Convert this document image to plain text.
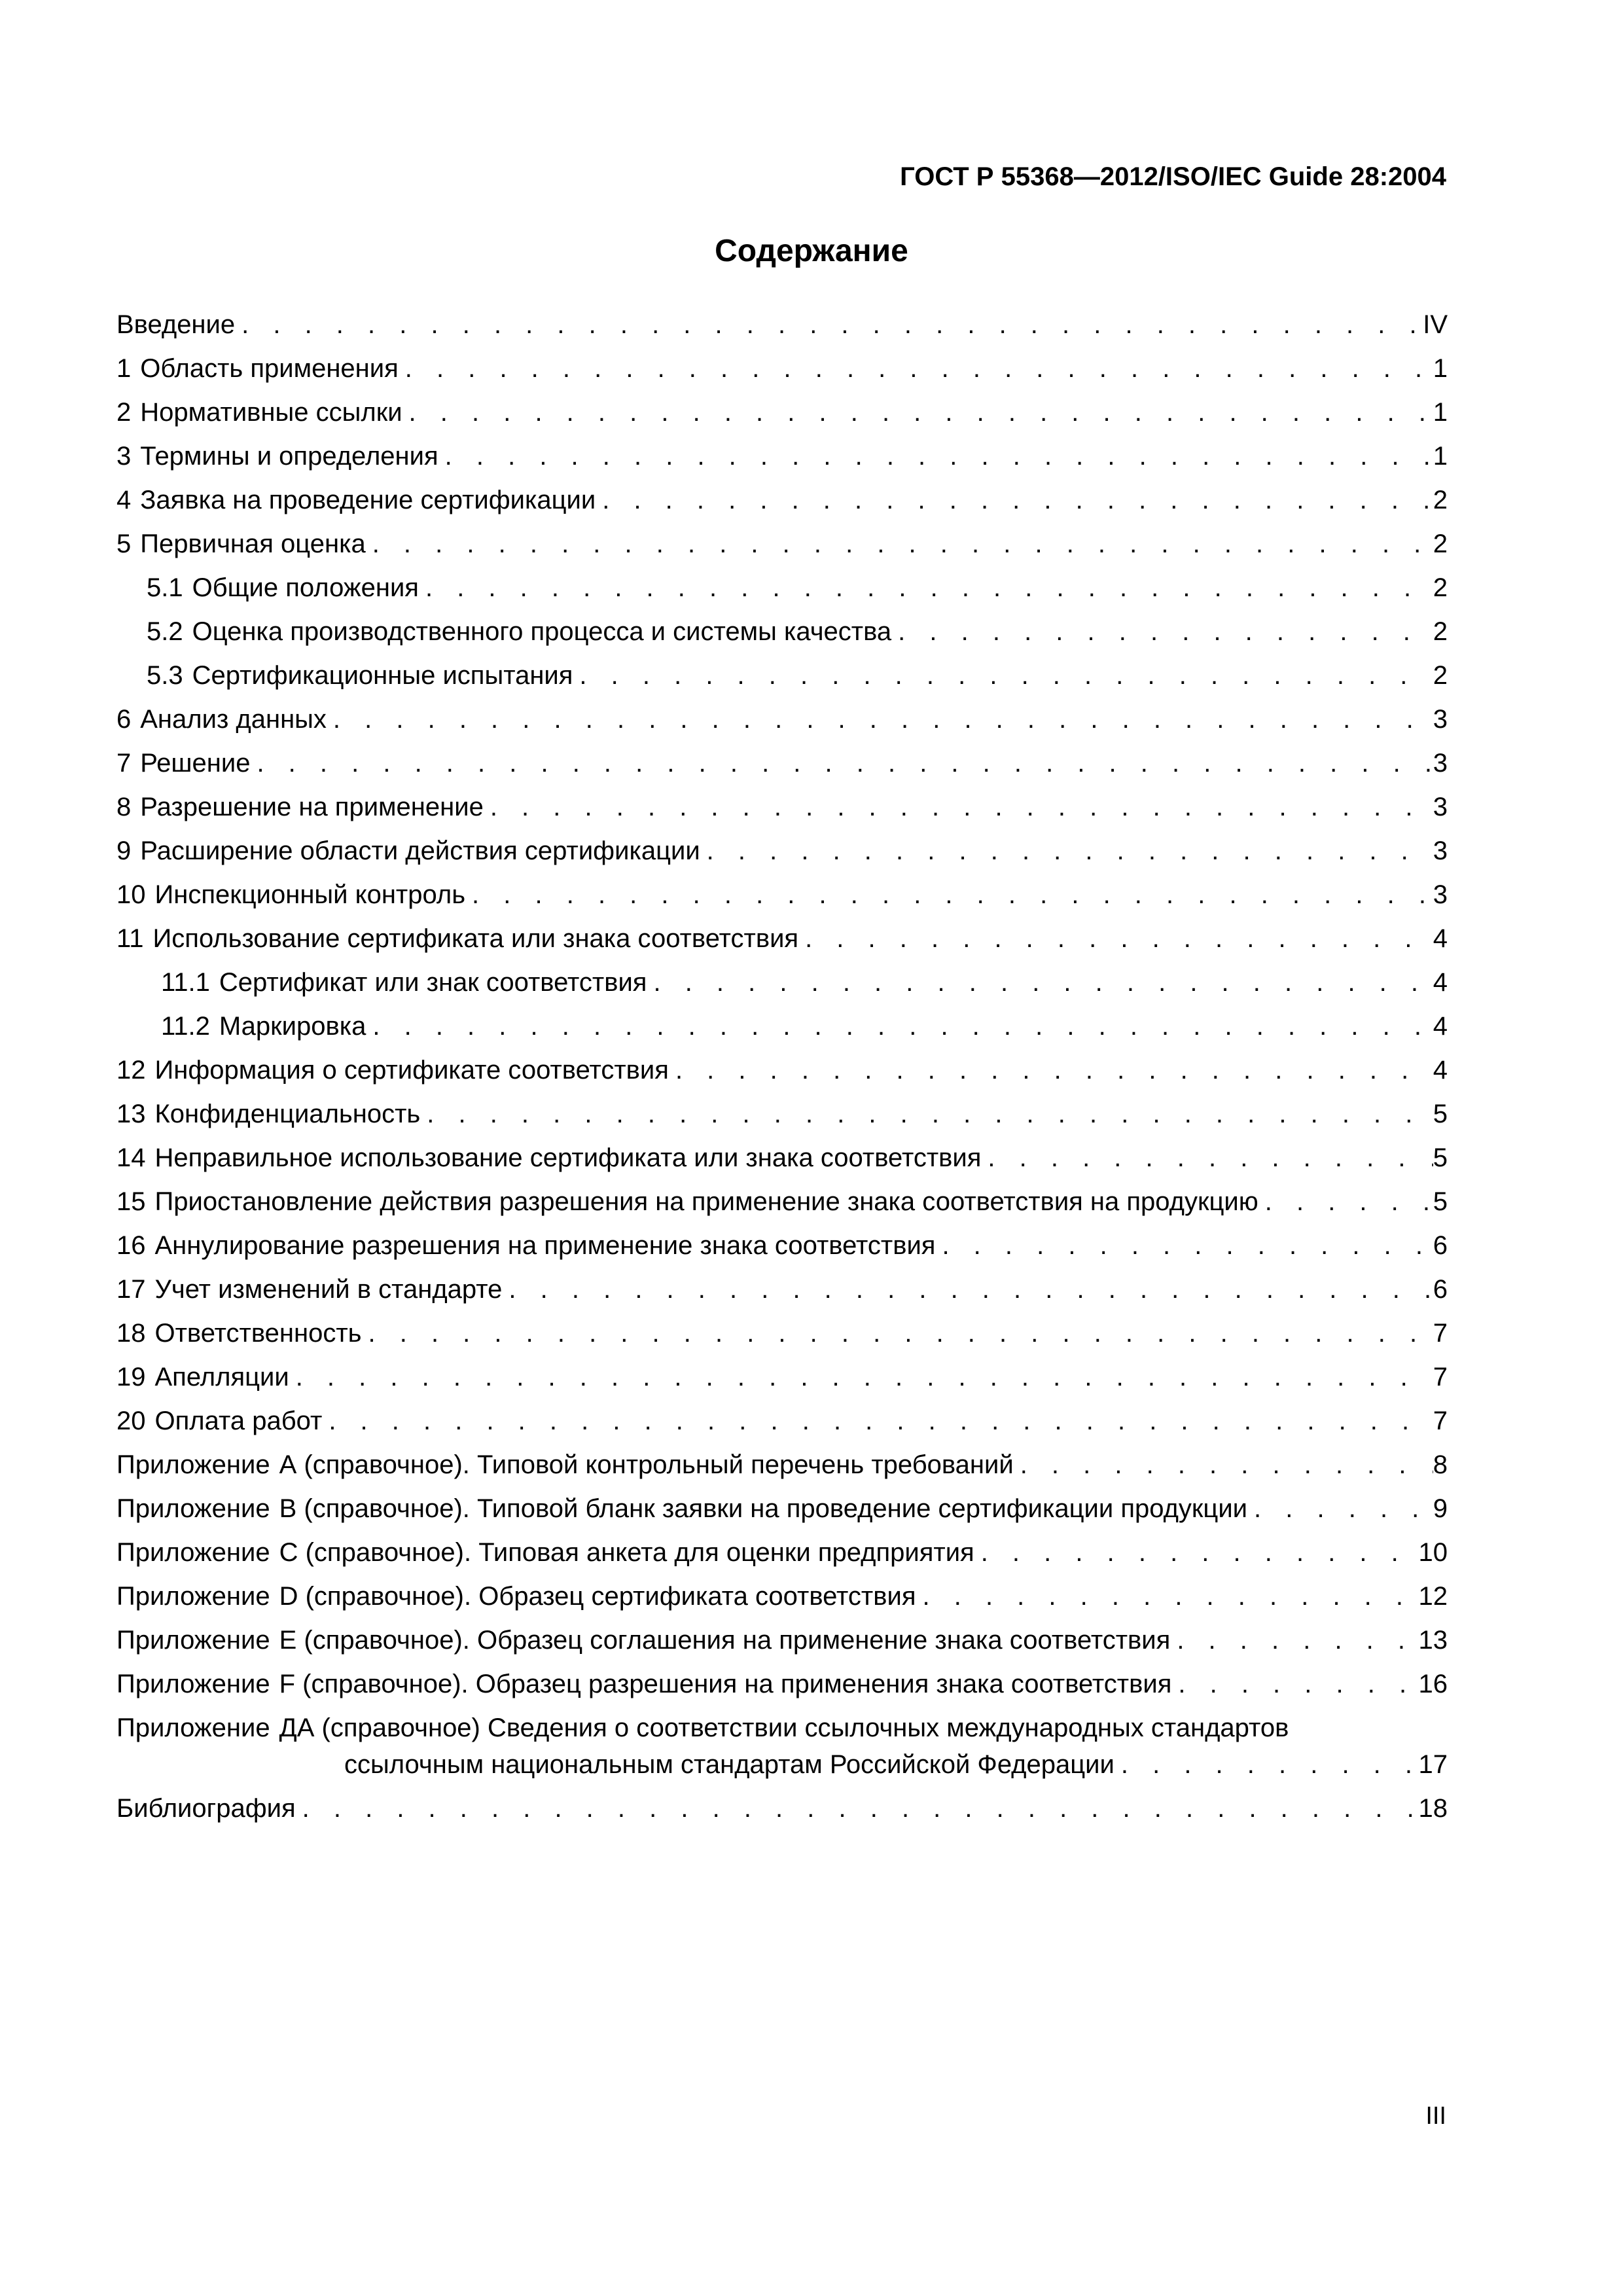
ГОСТ Р 55368—2012/ISO/IEC Guide 28:2004
Содержание
Введение . . .	IV
1 Область применения . . .	1
2 Нормативные ссылки . . .	1
3 Термины и определения . . .	1
4 Заявка на проведение сертификации . . .	2
5 Первичная оценка . . .	2
5.1 Общие положения . . .	2
5.2 Оценка производственного процесса и системы качества . . .	2
5.3 Сертификационные испытания . . .	2
6 Анализ данных . . .	3
7 Решение . . .	3
8 Разрешение на применение . . .	3
9 Расширение области действия сертификации . . .	3
10 Инспекционный контроль . . .	3
11 Использование сертификата или знака соответствия . . .	4
11.1 Сертификат или знак соответствия . . .	4
11.2 Маркировка . . .	4
12 Информация о сертификате соответствия . . .	4
13 Конфиденциальность . . .	5
14 Неправильное использование сертификата или знака соответствия . . .	5
15 Приостановление действия разрешения на применение знака соответствия на продукцию . . .	5
16 Аннулирование разрешения на применение знака соответствия . . .	6
17 Учет изменений в стандарте . . .	6
18 Ответственность . . .	7
19 Апелляции . . .	7
20 Оплата работ . . .	7
Приложение А (справочное). Типовой контрольный перечень требований . . .	8
Приложение В (справочное). Типовой бланк заявки на проведение сертификации продукции . . .	9
Приложение С (справочное). Типовая анкета для оценки предприятия . . .	10
Приложение D (справочное). Образец сертификата соответствия . . .	12
Приложение Е (справочное). Образец соглашения на применение знака соответствия . . .	13
Приложение F (справочное). Образец разрешения на применения знака соответствия . . .	16
Приложение ДА (справочное) Сведения о соответствии ссылочных международных стандартов
ссылочным национальным стандартам Российской Федерации . . .	17
Библиография . . .	18
III
